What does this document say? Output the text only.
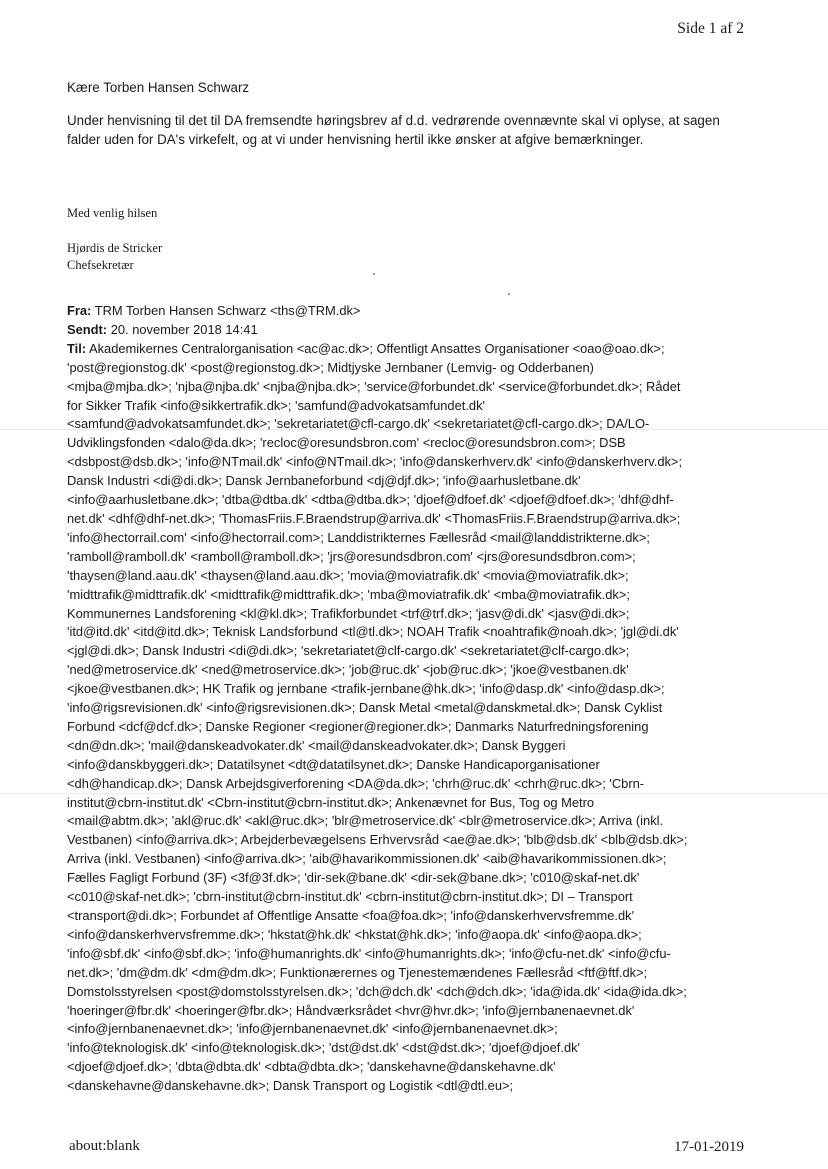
Side 1 af 2
Kære Torben Hansen Schwarz

Under henvisning til det til DA fremsendte høringsbrev af d.d. vedrørende ovennævnte skal vi oplyse, at sagen falder uden for DA's virkefelt, og at vi under henvisning hertil ikke ønsker at afgive bemærkninger.

Med venlig hilsen
Hjørdis de Stricker
Chefsekretær
Fra: TRM Torben Hansen Schwarz <ths@TRM.dk>
Sendt: 20. november 2018 14:41
Til: Akademikernes Centralorganisation <ac@ac.dk>; Offentligt Ansattes Organisationer <oao@oao.dk>;
'post@regionstog.dk' <post@regionstog.dk>; Midtjyske Jernbaner (Lemvig- og Odderbanen)
<mjba@mjba.dk>; 'njba@njba.dk' <njba@njba.dk>; 'service@forbundet.dk' <service@forbundet.dk>; Rådet
for Sikker Trafik <info@sikkertrafik.dk>; 'samfund@advokatsamfundet.dk'
<samfund@advokatsamfundet.dk>; 'sekretariatet@cfl-cargo.dk' <sekretariatet@cfl-cargo.dk>; DA/LO-
Udviklingsfonden <dalo@da.dk>; 'recloc@oresundsbron.com' <recloc@oresundsbron.com>; DSB
<dsbpost@dsb.dk>; 'info@NTmail.dk' <info@NTmail.dk>; 'info@danskerhverv.dk' <info@danskerhverv.dk>;
Dansk Industri <di@di.dk>; Dansk Jernbaneforbund <dj@djf.dk>; 'info@aarhusletbane.dk'
<info@aarhusletbane.dk>; 'dtba@dtba.dk' <dtba@dtba.dk>; 'djoef@dfoef.dk' <djoef@dfoef.dk>; 'dhf@dhf-
net.dk' <dhf@dhf-net.dk>; 'ThomasFriis.F.Braendstrup@arriva.dk' <ThomasFriis.F.Braendstrup@arriva.dk>;
'info@hectorrail.com' <info@hectorrail.com>; Landdistrikternes Fællesråd <mail@landdistrikterne.dk>;
'ramboll@ramboll.dk' <ramboll@ramboll.dk>; 'jrs@oresundsdbron.com' <jrs@oresundsdbron.com>;
'thaysen@land.aau.dk' <thaysen@land.aau.dk>; 'movia@moviatrafik.dk' <movia@moviatrafik.dk>;
'midttrafik@midttrafik.dk' <midttrafik@midttrafik.dk>; 'mba@moviatrafik.dk' <mba@moviatrafik.dk>;
Kommunernes Landsforening <kl@kl.dk>; Trafikforbundet <trf@trf.dk>; 'jasv@di.dk' <jasv@di.dk>;
'itd@itd.dk' <itd@itd.dk>; Teknisk Landsforbund <tl@tl.dk>; NOAH Trafik <noahtrafik@noah.dk>; 'jgl@di.dk'
<jgl@di.dk>; Dansk Industri <di@di.dk>; 'sekretariatet@clf-cargo.dk' <sekretariatet@clf-cargo.dk>;
'ned@metroservice.dk' <ned@metroservice.dk>; 'job@ruc.dk' <job@ruc.dk>; 'jkoe@vestbanen.dk'
<jkoe@vestbanen.dk>; HK Trafik og jernbane <trafik-jernbane@hk.dk>; 'info@dasp.dk' <info@dasp.dk>;
'info@rigsrevisionen.dk' <info@rigsrevisionen.dk>; Dansk Metal <metal@danskmetal.dk>; Dansk Cyklist
Forbund <dcf@dcf.dk>; Danske Regioner <regioner@regioner.dk>; Danmarks Naturfredningsforening
<dn@dn.dk>; 'mail@danskeadvokater.dk' <mail@danskeadvokater.dk>; Dansk Byggeri
<info@danskbyggeri.dk>; Datatilsynet <dt@datatilsynet.dk>; Danske Handicaporganisationer
<dh@handicap.dk>; Dansk Arbejdsgiverforening <DA@da.dk>; 'chrh@ruc.dk' <chrh@ruc.dk>; 'Cbrn-
institut@cbrn-institut.dk' <Cbrn-institut@cbrn-institut.dk>; Ankenævnet for Bus, Tog og Metro
<mail@abtm.dk>; 'akl@ruc.dk' <akl@ruc.dk>; 'blr@metroservice.dk' <blr@metroservice.dk>; Arriva (inkl.
Vestbanen) <info@arriva.dk>; Arbejderbevægelsens Erhvervsråd <ae@ae.dk>; 'blb@dsb.dk' <blb@dsb.dk>;
Arriva (inkl. Vestbanen) <info@arriva.dk>; 'aib@havarikommissionen.dk' <aib@havarikommissionen.dk>;
Fælles Fagligt Forbund (3F) <3f@3f.dk>; 'dir-sek@bane.dk' <dir-sek@bane.dk>; 'c010@skaf-net.dk'
<c010@skaf-net.dk>; 'cbrn-institut@cbrn-institut.dk' <cbrn-institut@cbrn-institut.dk>; DI – Transport
<transport@di.dk>; Forbundet af Offentlige Ansatte <foa@foa.dk>; 'info@danskerhvervsfremme.dk'
<info@danskerhvervsfremme.dk>; 'hkstat@hk.dk' <hkstat@hk.dk>; 'info@aopa.dk' <info@aopa.dk>;
'info@sbf.dk' <info@sbf.dk>; 'info@humanrights.dk' <info@humanrights.dk>; 'info@cfu-net.dk' <info@cfu-
net.dk>; 'dm@dm.dk' <dm@dm.dk>; Funktionærernes og Tjenestemændenes Fællesråd <ftf@ftf.dk>;
Domstolsstyrelsen <post@domstolsstyrelsen.dk>; 'dch@dch.dk' <dch@dch.dk>; 'ida@ida.dk' <ida@ida.dk>;
'hoeringer@fbr.dk' <hoeringer@fbr.dk>; Håndværksrådet <hvr@hvr.dk>; 'info@jernbanenaevnet.dk'
<info@jernbanenaevnet.dk>; 'info@jernbanenaevnet.dk' <info@jernbanenaevnet.dk>;
'info@teknologisk.dk' <info@teknologisk.dk>; 'dst@dst.dk' <dst@dst.dk>; 'djoef@djoef.dk'
<djoef@djoef.dk>; 'dbta@dbta.dk' <dbta@dbta.dk>; 'danskehavne@danskehavne.dk'
<danskehavne@danskehavne.dk>; Dansk Transport og Logistik <dtl@dtl.eu>;
about:blank	17-01-2019
